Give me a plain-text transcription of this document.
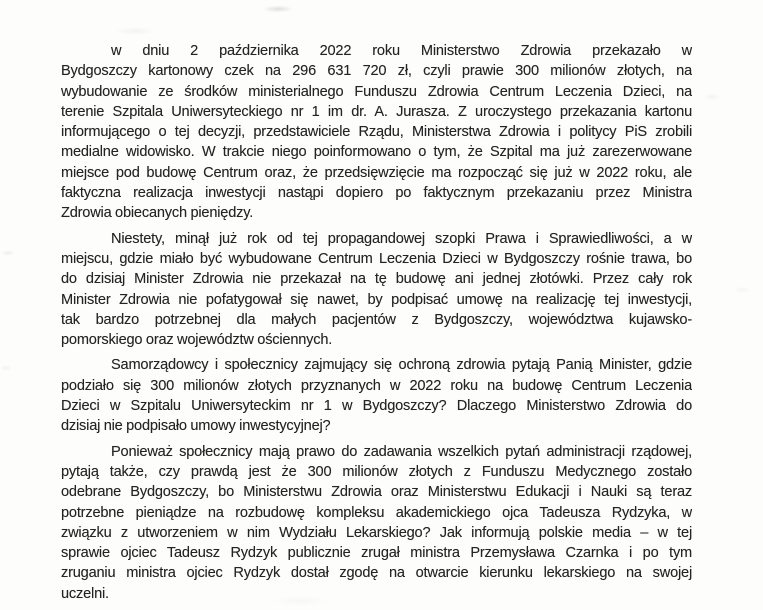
w dniu 2 października 2022 roku Ministerstwo Zdrowia przekazało w
Bydgoszczy kartonowy czek na 296 631 720 zł, czyli prawie 300 milionów złotych, na
wybudowanie ze środków ministerialnego Funduszu Zdrowia Centrum Leczenia Dzieci, na
terenie Szpitala Uniwersyteckiego nr 1 im dr. A. Jurasza. Z uroczystego przekazania kartonu
informującego o tej decyzji, przedstawiciele Rządu, Ministerstwa Zdrowia i politycy PiS zrobili
medialne widowisko. W trakcie niego poinformowano o tym, że Szpital ma już zarezerwowane
miejsce pod budowę Centrum oraz, że przedsięwzięcie ma rozpocząć się już w 2022 roku, ale
faktyczna realizacja inwestycji nastąpi dopiero po faktycznym przekazaniu przez Ministra
Zdrowia obiecanych pieniędzy.
Niestety, minął już rok od tej propagandowej szopki Prawa i Sprawiedliwości, a w
miejscu, gdzie miało być wybudowane Centrum Leczenia Dzieci w Bydgoszczy rośnie trawa, bo
do dzisiaj Minister Zdrowia nie przekazał na tę budowę ani jednej złotówki. Przez cały rok
Minister Zdrowia nie pofatygował się nawet, by podpisać umowę na realizację tej inwestycji,
tak bardzo potrzebnej dla małych pacjentów z Bydgoszczy, województwa kujawsko-
pomorskiego oraz województw ościennych.
Samorządowcy i społecznicy zajmujący się ochroną zdrowia pytają Panią Minister, gdzie
podziało się 300 milionów złotych przyznanych w 2022 roku na budowę Centrum Leczenia
Dzieci w Szpitalu Uniwersyteckim nr 1 w Bydgoszczy? Dlaczego Ministerstwo Zdrowia do
dzisiaj nie podpisało umowy inwestycyjnej?
Ponieważ społecznicy mają prawo do zadawania wszelkich pytań administracji rządowej,
pytają także, czy prawdą jest że 300 milionów złotych z Funduszu Medycznego zostało
odebrane Bydgoszczy, bo Ministerstwu Zdrowia oraz Ministerstwu Edukacji i Nauki są teraz
potrzebne pieniądze na rozbudowę kompleksu akademickiego ojca Tadeusza Rydzyka, w
związku z utworzeniem w nim Wydziału Lekarskiego? Jak informują polskie media – w tej
sprawie ojciec Tadeusz Rydzyk publicznie zrugał ministra Przemysława Czarnka i po tym
zruganiu ministra ojciec Rydzyk dostał zgodę na otwarcie kierunku lekarskiego na swojej
uczelni.
